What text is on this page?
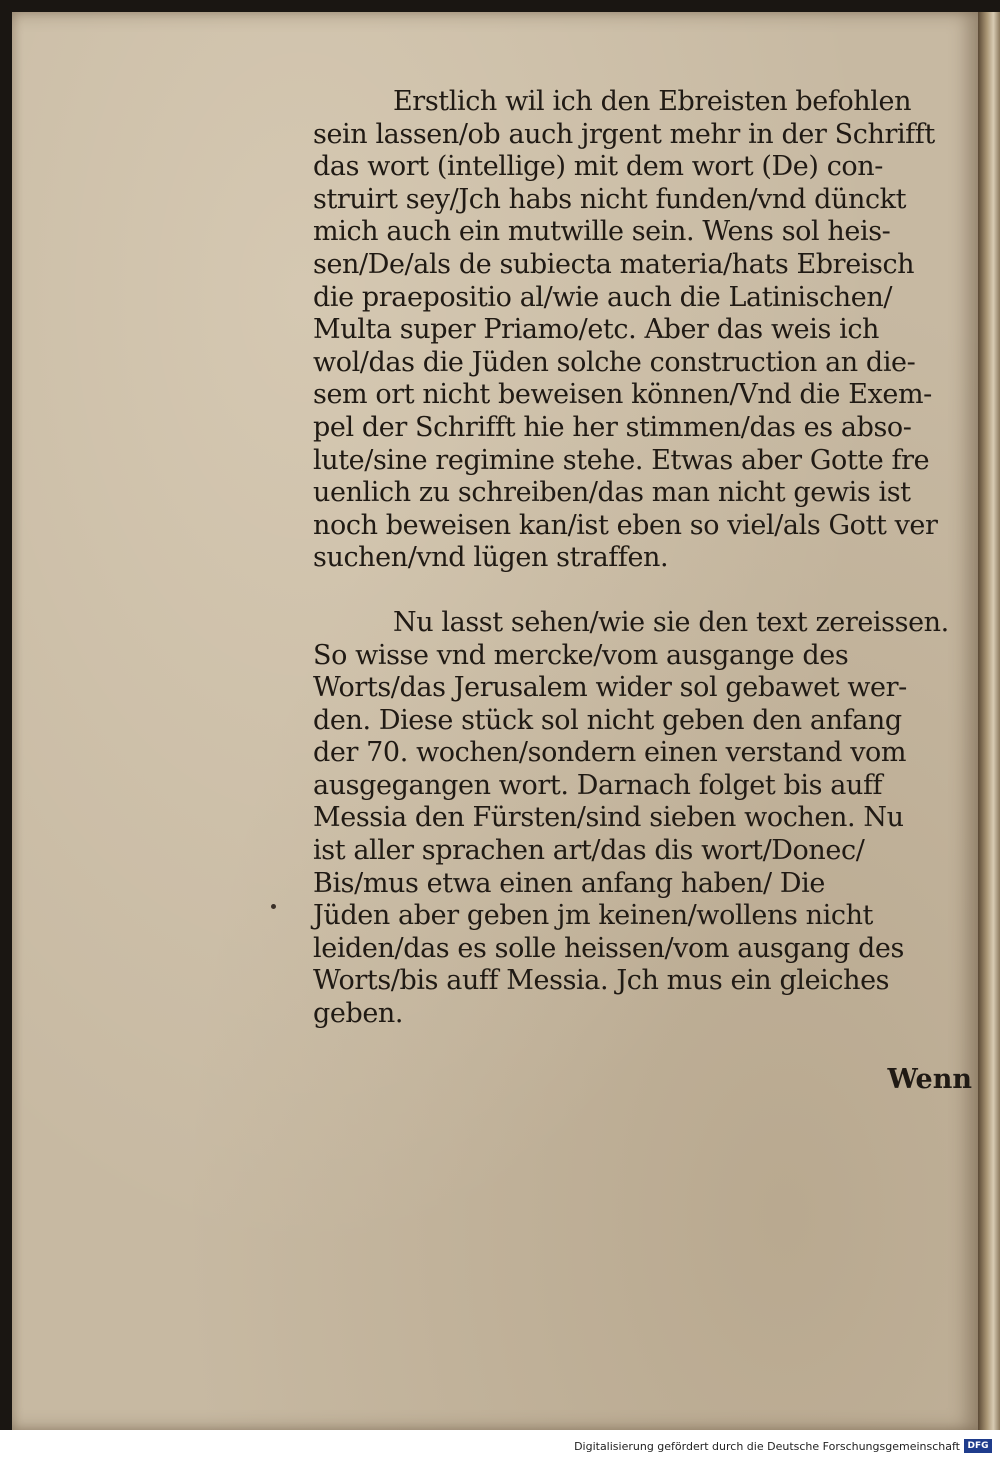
Erstlich wil ich den Ebreisten befohlen
sein lassen/ob auch jrgent mehr in der Schrifft
das wort (intellige) mit dem wort (De) con-
struirt sey/Jch habs nicht funden/vnd dünckt
mich auch ein mutwille sein. Wens sol heis-
sen/De/als de subiecta materia/hats Ebreisch
die praepositio al/wie auch die Latinischen/
Multa super Priamo/etc. Aber das weis ich
wol/das die Jüden solche construction an die-
sem ort nicht beweisen können/Vnd die Exem-
pel der Schrifft hie her stimmen/das es abso-
lute/sine regimine stehe. Etwas aber Gotte fre
uenlich zu schreiben/das man nicht gewis ist
noch beweisen kan/ist eben so viel/als Gott ver
suchen/vnd lügen straffen.

Nu lasst sehen/wie sie den text zereissen.
So wisse vnd mercke/vom ausgange des
Worts/das Jerusalem wider sol gebawet wer-
den. Diese stück sol nicht geben den anfang
der 70. wochen/sondern einen verstand vom
ausgegangen wort. Darnach folget bis auff
Messia den Fürsten/sind sieben wochen. Nu
ist aller sprachen art/das dis wort/Donec/
Bis/mus etwa einen anfang haben/ Die
Jüden aber geben jm keinen/wollens nicht
leiden/das es solle heissen/vom ausgang des
Worts/bis auff Messia. Jch mus ein gleiches
geben.

Wenn
Digitalisierung gefördert durch die Deutsche Forschungsgemeinschaft DFG
